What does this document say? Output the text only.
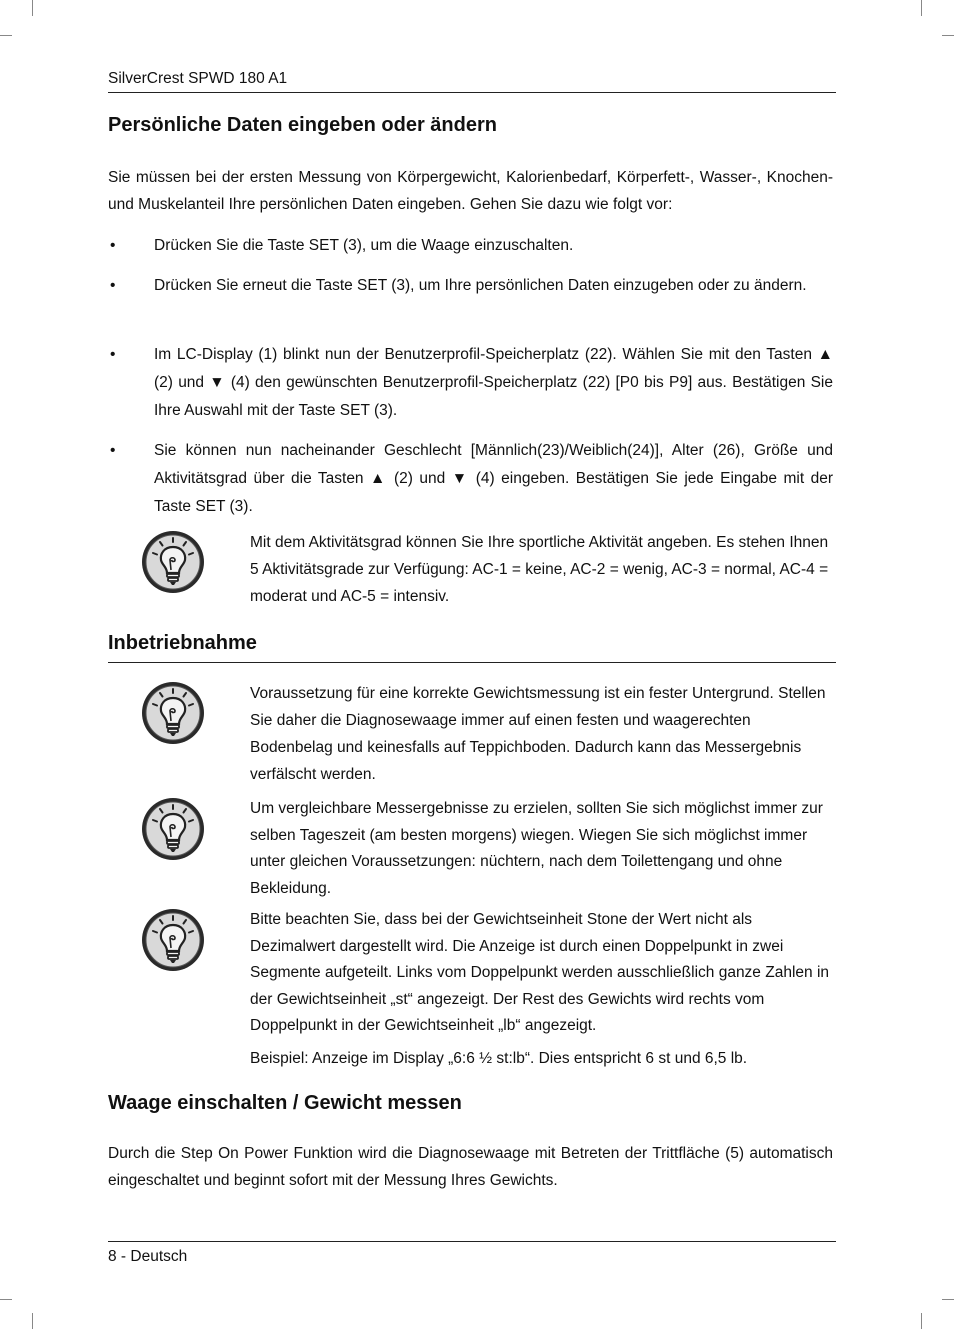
SilverCrest SPWD 180 A1
Persönliche Daten eingeben oder ändern

Sie müssen bei der ersten Messung von Körpergewicht, Kalorienbedarf, Körperfett-, Wasser-, Knochen- und Muskelanteil Ihre persönlichen Daten eingeben. Gehen Sie dazu wie folgt vor:

• Drücken Sie die Taste SET (3), um die Waage einzuschalten.
• Drücken Sie erneut die Taste SET (3), um Ihre persönlichen Daten einzugeben oder zu ändern.
• Im LC-Display (1) blinkt nun der Benutzerprofil-Speicherplatz (22). Wählen Sie mit den Tasten ▲ (2) und ▼ (4) den gewünschten Benutzerprofil-Speicherplatz (22) [P0 bis P9] aus. Bestätigen Sie Ihre Auswahl mit der Taste SET (3).
• Sie können nun nacheinander Geschlecht [Männlich(23)/Weiblich(24)], Alter (26), Größe und Aktivitätsgrad über die Tasten ▲ (2) und ▼ (4) eingeben. Bestätigen Sie jede Eingabe mit der Taste SET (3).

Mit dem Aktivitätsgrad können Sie Ihre sportliche Aktivität angeben. Es stehen Ihnen 5 Aktivitätsgrade zur Verfügung: AC-1 = keine, AC-2 = wenig, AC-3 = normal, AC-4 = moderat und AC-5 = intensiv.

Inbetriebnahme

Voraussetzung für eine korrekte Gewichtsmessung ist ein fester Untergrund. Stellen Sie daher die Diagnosewaage immer auf einen festen und waagerechten Bodenbelag und keinesfalls auf Teppichboden. Dadurch kann das Messergebnis verfälscht werden.

Um vergleichbare Messergebnisse zu erzielen, sollten Sie sich möglichst immer zur selben Tageszeit (am besten morgens) wiegen. Wiegen Sie sich möglichst immer unter gleichen Voraussetzungen: nüchtern, nach dem Toilettengang und ohne Bekleidung.

Bitte beachten Sie, dass bei der Gewichtseinheit Stone der Wert nicht als Dezimalwert dargestellt wird. Die Anzeige ist durch einen Doppelpunkt in zwei Segmente aufgeteilt. Links vom Doppelpunkt werden ausschließlich ganze Zahlen in der Gewichtseinheit „st“ angezeigt. Der Rest des Gewichts wird rechts vom Doppelpunkt in der Gewichtseinheit „lb“ angezeigt.

Beispiel: Anzeige im Display „6:6 ½ st:lb“. Dies entspricht 6 st und 6,5 lb.

Waage einschalten / Gewicht messen

Durch die Step On Power Funktion wird die Diagnosewaage mit Betreten der Trittfläche (5) automatisch eingeschaltet und beginnt sofort mit der Messung Ihres Gewichts.

8 - Deutsch
